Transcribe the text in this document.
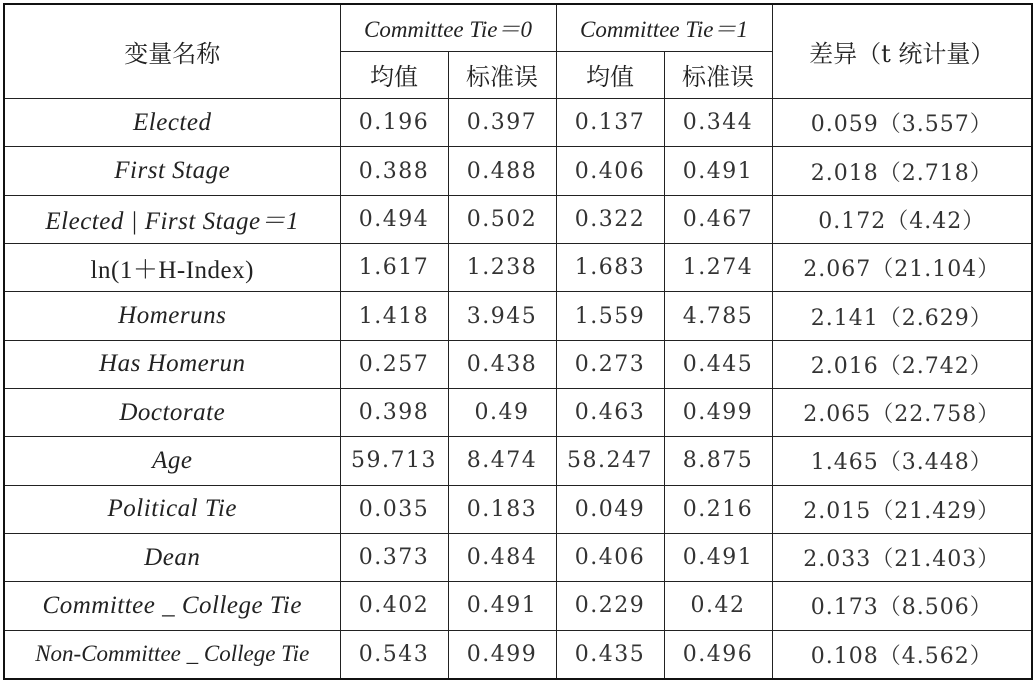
变量名称	Committee Tie＝0		Committee Tie＝1		差异（t 统计量）
	均值	标准误	均值	标准误	
Elected	0.196	0.397	0.137	0.344	0.059（3.557）
First Stage	0.388	0.488	0.406	0.491	2.018（2.718）
Elected | First Stage＝1	0.494	0.502	0.322	0.467	0.172（4.42）
ln(1＋H-Index)	1.617	1.238	1.683	1.274	2.067（21.104）
Homeruns	1.418	3.945	1.559	4.785	2.141（2.629）
Has Homerun	0.257	0.438	0.273	0.445	2.016（2.742）
Doctorate	0.398	0.49	0.463	0.499	2.065（22.758）
Age	59.713	8.474	58.247	8.875	1.465（3.448）
Political Tie	0.035	0.183	0.049	0.216	2.015（21.429）
Dean	0.373	0.484	0.406	0.491	2.033（21.403）
Committee _ College Tie	0.402	0.491	0.229	0.42	0.173（8.506）
Non-Committee _ College Tie	0.543	0.499	0.435	0.496	0.108（4.562）
